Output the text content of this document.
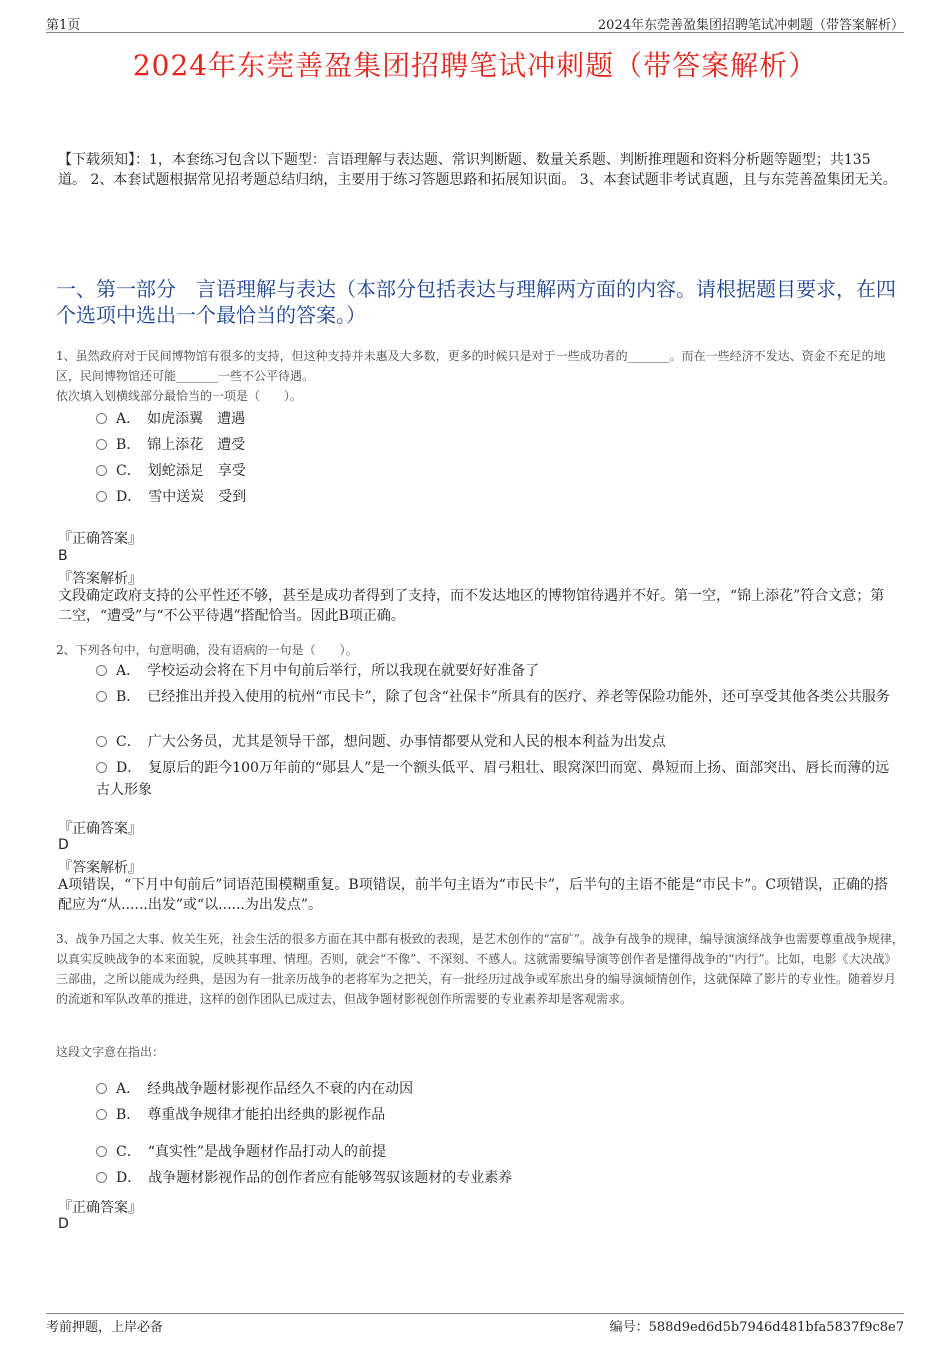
第1页	2024年东莞善盈集团招聘笔试冲刺题（带答案解析）
2024年东莞善盈集团招聘笔试冲刺题（带答案解析）
【下载须知】：1，本套练习包含以下题型：言语理解与表达题、常识判断题、数量关系题、判断推理题和资料分析题等题型；共135道。 2、本套试题根据常见招考题总结归纳，主要用于练习答题思路和拓展知识面。 3、本套试题非考试真题，且与东莞善盈集团无关。
一、第一部分　言语理解与表达（本部分包括表达与理解两方面的内容。请根据题目要求，在四个选项中选出一个最恰当的答案。）
1、虽然政府对于民间博物馆有很多的支持，但这种支持并未惠及大多数，更多的时候只是对于一些成功者的_______。而在一些经济不发达、资金不充足的地区，民间博物馆还可能_______一些不公平待遇。
依次填入划横线部分最恰当的一项是（　　）。
A．　如虎添翼　遭遇
B．　锦上添花　遭受
C．　划蛇添足　享受
D．　雪中送炭　受到
『正确答案』
B
『答案解析』
文段确定政府支持的公平性还不够，甚至是成功者得到了支持，而不发达地区的博物馆待遇并不好。第一空，“锦上添花”符合文意；第二空，“遭受”与“不公平待遇”搭配恰当。因此B项正确。
2、下列各句中，句意明确，没有语病的一句是（　　）。
A．　学校运动会将在下月中旬前后举行，所以我现在就要好好准备了
B．　已经推出并投入使用的杭州“市民卡”，除了包含“社保卡”所具有的医疗、养老等保险功能外，还可享受其他各类公共服务
C．　广大公务员，尤其是领导干部，想问题、办事情都要从党和人民的根本利益为出发点
D．　复原后的距今100万年前的“郧县人”是一个额头低平、眉弓粗壮、眼窝深凹而宽、鼻短而上扬、面部突出、唇长而薄的远古人形象
『正确答案』
D
『答案解析』
A项错误，“下月中旬前后”词语范围模糊重复。B项错误，前半句主语为“市民卡”，后半句的主语不能是“市民卡”。C项错误，正确的搭配应为“从......出发”或“以......为出发点”。
3、战争乃国之大事、攸关生死，社会生活的很多方面在其中都有极致的表现，是艺术创作的“富矿”。战争有战争的规律，编导演演绎战争也需要尊重战争规律，以真实反映战争的本来面貌，反映其事理、情理。否则，就会“不像”、不深刻、不感人。这就需要编导演等创作者是懂得战争的“内行”。比如，电影《大决战》三部曲，之所以能成为经典，是因为有一批亲历战争的老将军为之把关，有一批经历过战争或军旅出身的编导演倾情创作，这就保障了影片的专业性。随着岁月的流逝和军队改革的推进，这样的创作团队已成过去，但战争题材影视创作所需要的专业素养却是客观需求。
这段文字意在指出：
A．　经典战争题材影视作品经久不衰的内在动因
B．　尊重战争规律才能拍出经典的影视作品
C．　“真实性”是战争题材作品打动人的前提
D．　战争题材影视作品的创作者应有能够驾驭该题材的专业素养
『正确答案』
D
考前押题，上岸必备	编号：588d9ed6d5b7946d481bfa5837f9c8e7
